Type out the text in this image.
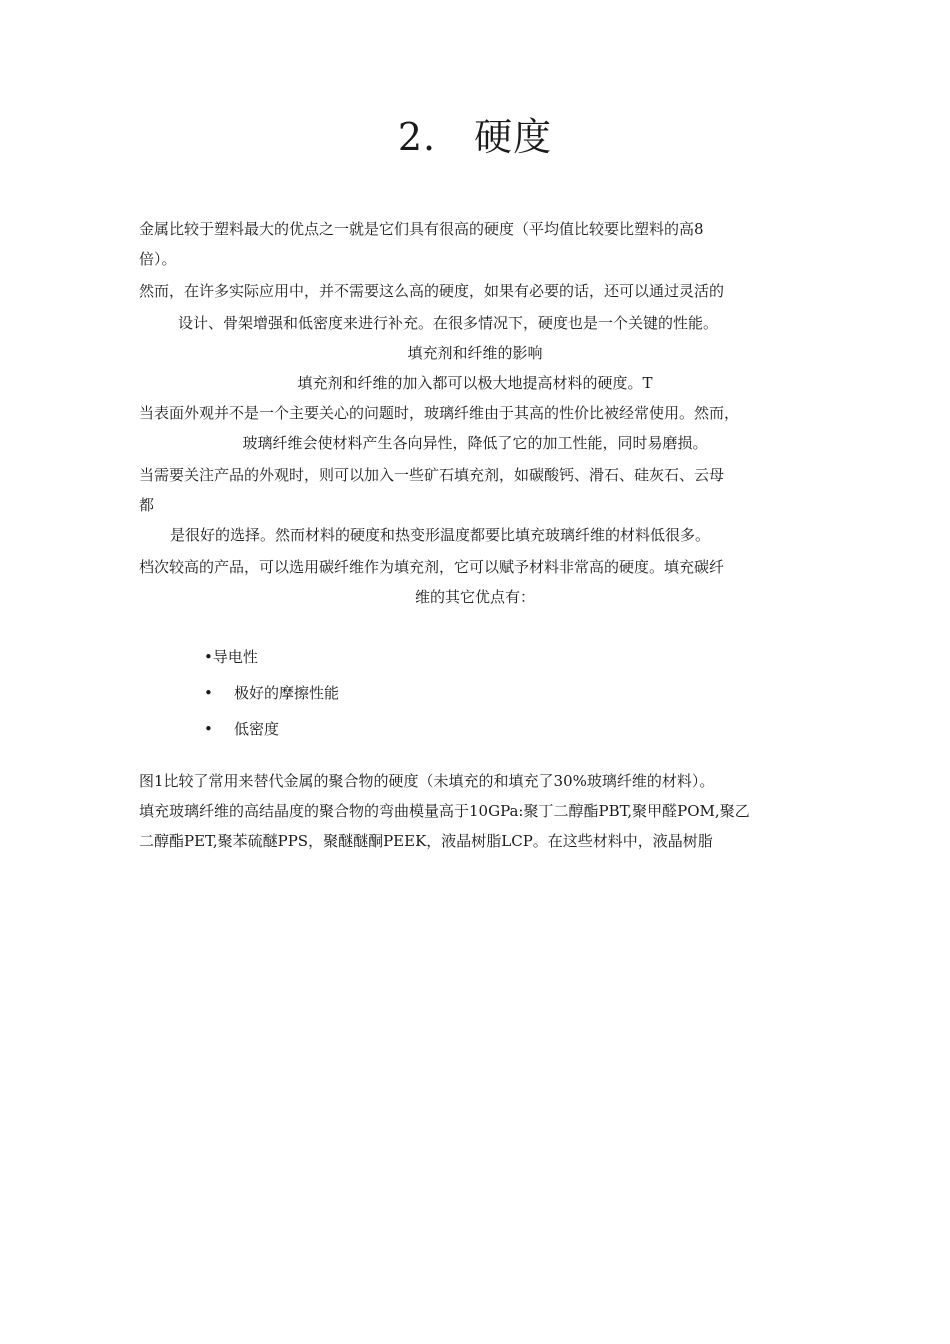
2. 硬度
金属比较于塑料最大的优点之一就是它们具有很高的硬度（平均值比较要比塑料的高8
倍）。
然而，在许多实际应用中，并不需要这么高的硬度，如果有必要的话，还可以通过灵活的
设计、骨架增强和低密度来进行补充。在很多情况下，硬度也是一个关键的性能。
填充剂和纤维的影响
填充剂和纤维的加入都可以极大地提高材料的硬度。T
当表面外观并不是一个主要关心的问题时，玻璃纤维由于其高的性价比被经常使用。然而，
玻璃纤维会使材料产生各向异性，降低了它的加工性能，同时易磨损。
当需要关注产品的外观时，则可以加入一些矿石填充剂，如碳酸钙、滑石、硅灰石、云母
都
是很好的选择。然而材料的硬度和热变形温度都要比填充玻璃纤维的材料低很多。
档次较高的产品，可以选用碳纤维作为填充剂，它可以赋予材料非常高的硬度。填充碳纤
维的其它优点有：
•导电性
• 极好的摩擦性能
• 低密度
图1比较了常用来替代金属的聚合物的硬度（未填充的和填充了30%玻璃纤维的材料）。
填充玻璃纤维的高结晶度的聚合物的弯曲模量高于10GPa:聚丁二醇酯PBT,聚甲醛POM,聚乙
二醇酯PET,聚苯硫醚PPS，聚醚醚酮PEEK，液晶树脂LCP。在这些材料中，液晶树脂
